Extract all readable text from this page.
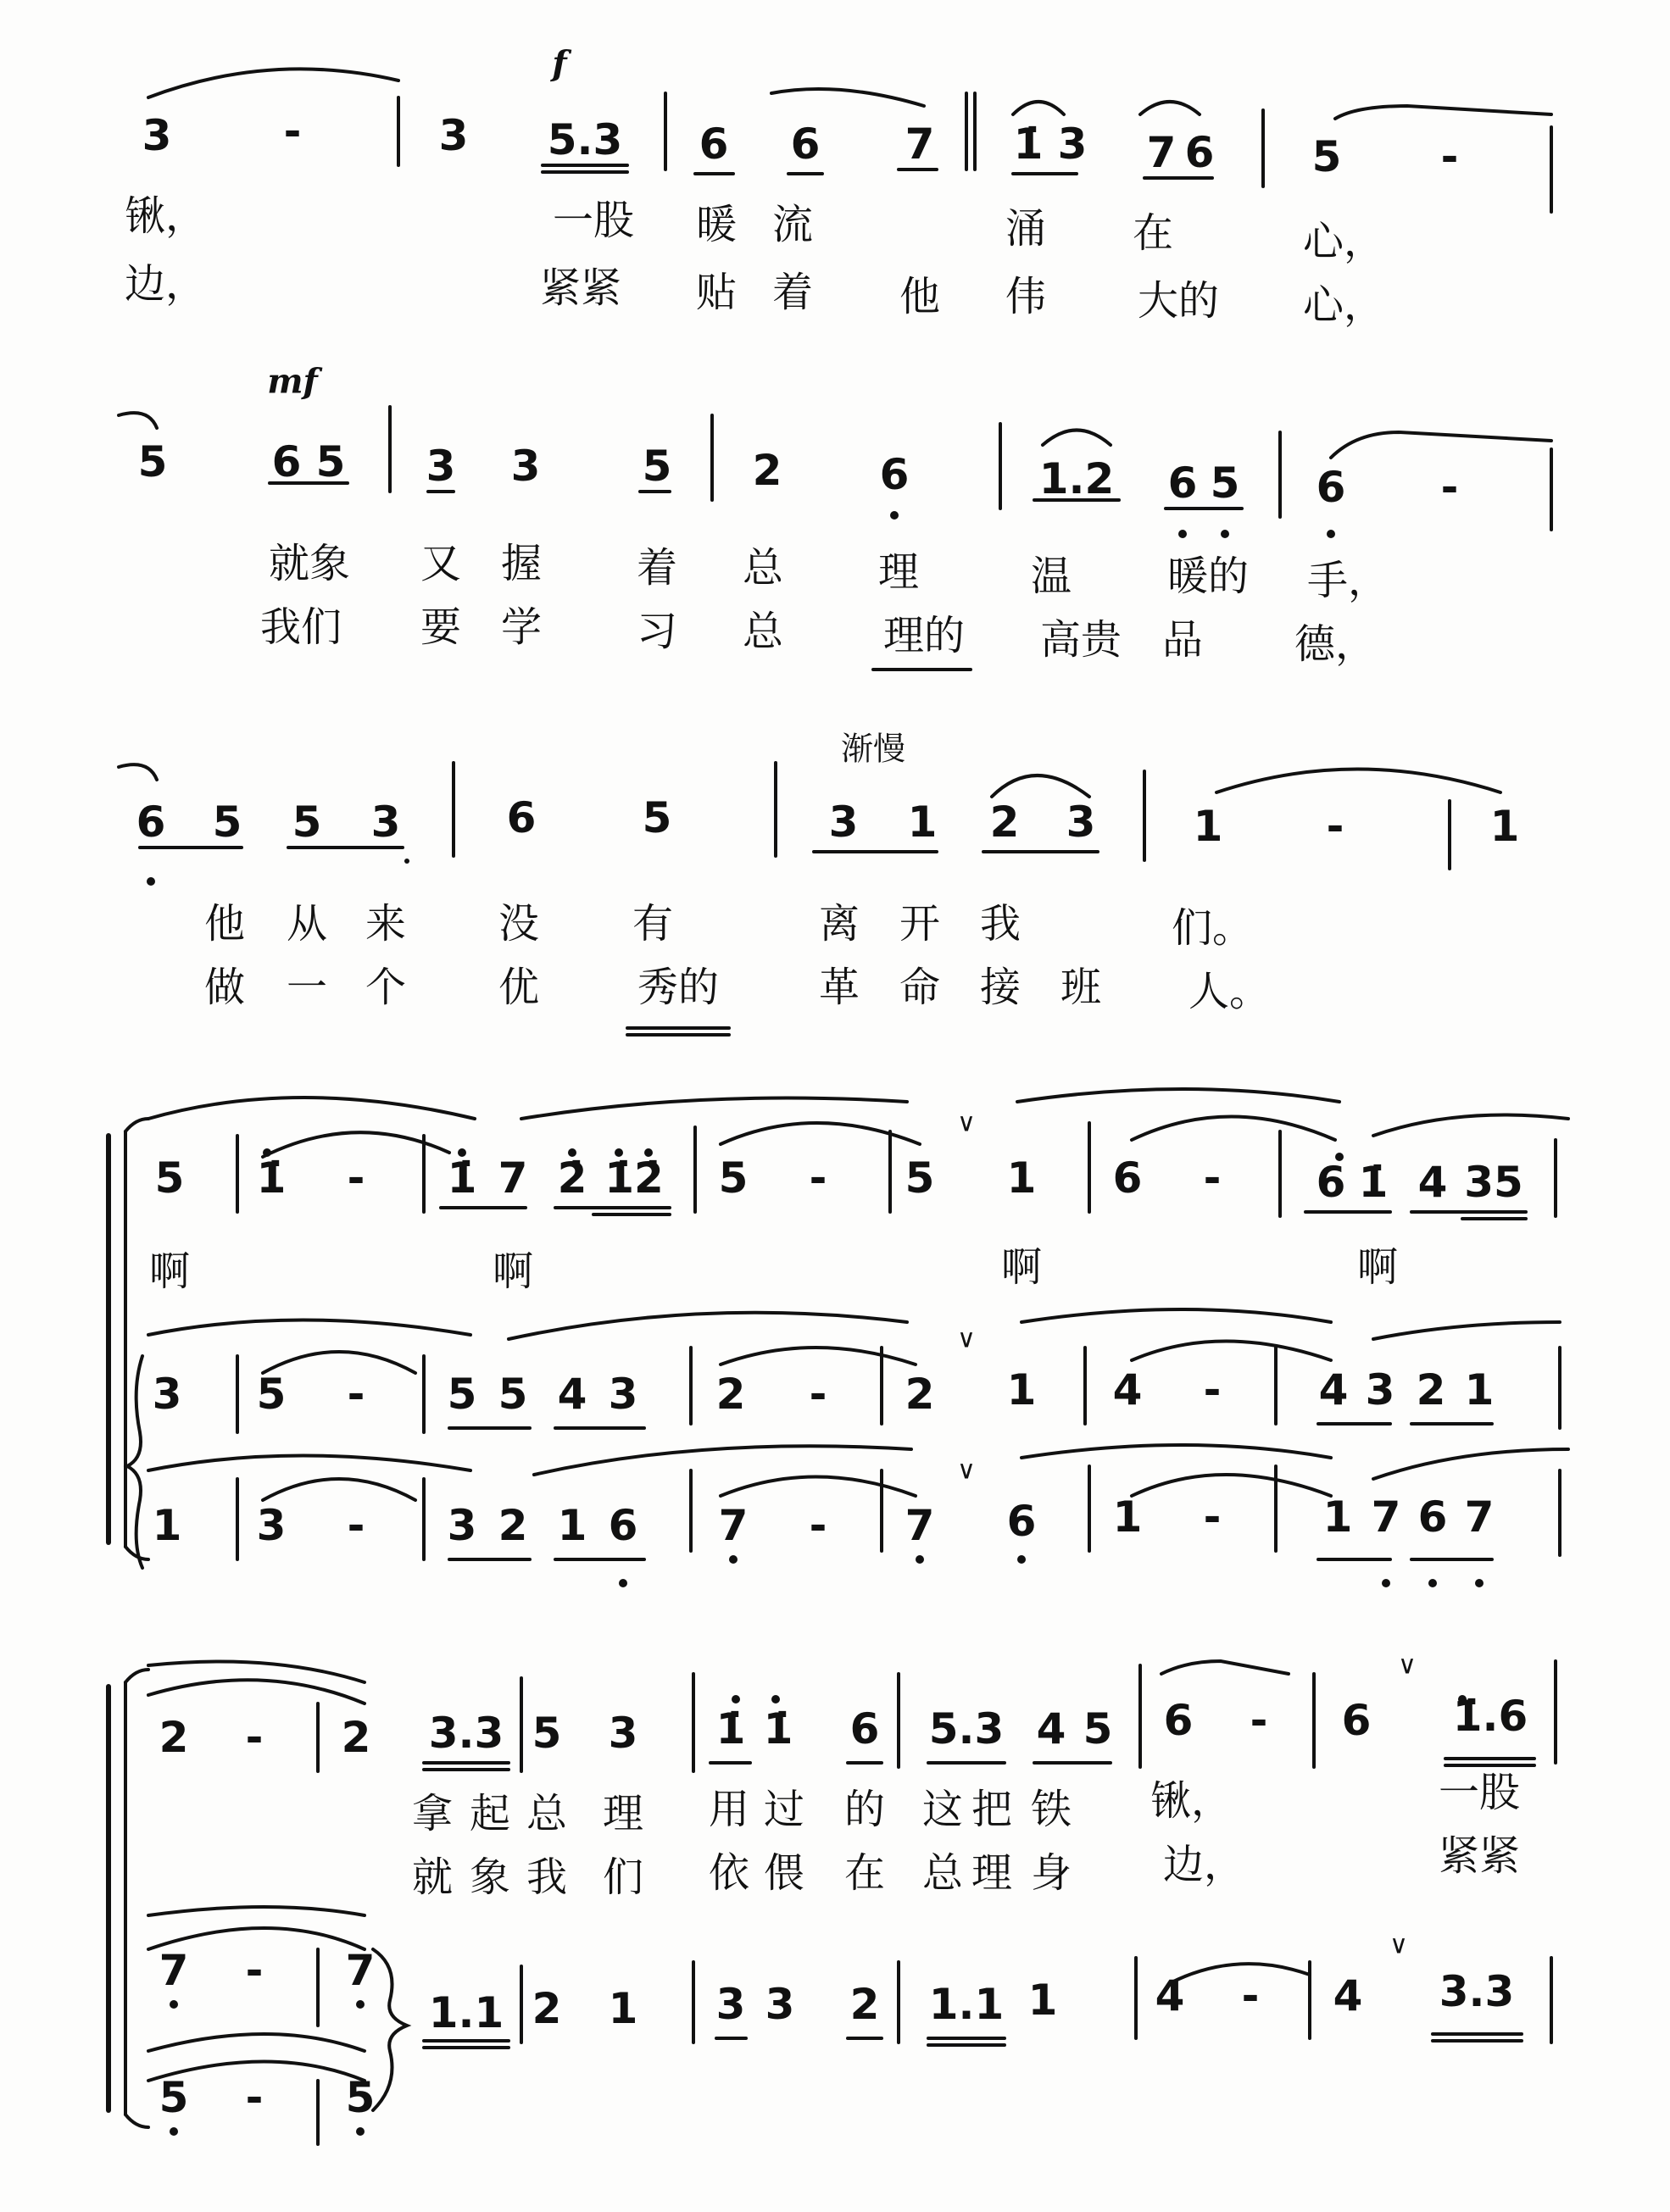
f
mf
渐慢
3	-	3 5.3 6 6 7 1̇ 3 7 6 5 -
锹，	一股 暖 流	涌 在	心，
边，	紧紧 贴 着 他 伟 大的 心，
5 6 5 3 3 5 2 6	1.2 6 5 6 -
就象 又 握 着 总 理	温 暖的 手，
我们 要 学 习 总 理的 高贵 品 德，
6 5 5 3	6	5	3 1 2 3 1 -	1
他 从 来 没 有	离 开 我	们。
做 一 个 优 秀的 革 命 接 班 人。
∨
∨
∨
5 1̇ - 1̇ 7 2̇ 1̇2̇ 5 - 5 1 6 - 6 1̇ 4 35
啊	啊	啊	啊
3 5 - 5 5 4 3 2 - 2 1 4 - 4 3 2 1
1 3 - 3 2 1 6 7 - 7 6 1 - 1 7 6 7
∨
∨
2 - 2 3.3 5 3 1̇ 1̇ 6 5.3 4 5 6 - 6 1̇.6
拿 起 总 理 用 过 的 这 把 铁 锹，	一股
就 象 我 们 依 偎 在 总 理 身 边，	紧紧
7 - 7
5 - 5
1.1 2 1 3 3 2 1.1 1 4 - 4 3.3
